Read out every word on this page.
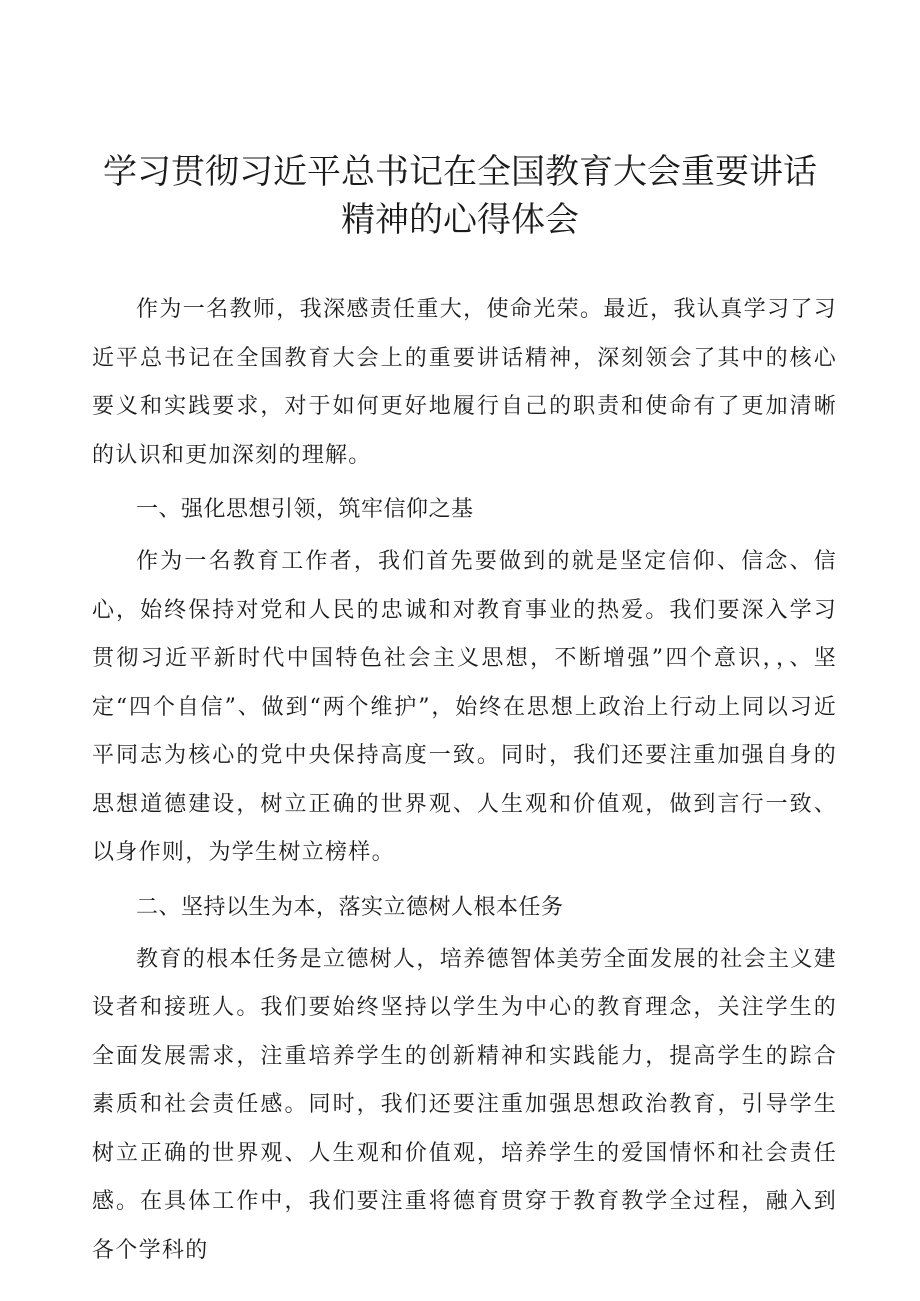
学习贯彻习近平总书记在全国教育大会重要讲话
精神的心得体会

作为一名教师，我深感责任重大，使命光荣。最近，我认真学习了习近平总书记在全国教育大会上的重要讲话精神，深刻领会了其中的核心要义和实践要求，对于如何更好地履行自己的职责和使命有了更加清晰的认识和更加深刻的理解。

一、强化思想引领，筑牢信仰之基

作为一名教育工作者，我们首先要做到的就是坚定信仰、信念、信心，始终保持对党和人民的忠诚和对教育事业的热爱。我们要深入学习贯彻习近平新时代中国特色社会主义思想，不断增强”四个意识，，、坚定“四个自信”、做到“两个维护”，始终在思想上政治上行动上同以习近平同志为核心的党中央保持高度一致。同时，我们还要注重加强自身的思想道德建设，树立正确的世界观、人生观和价值观，做到言行一致、以身作则，为学生树立榜样。

二、坚持以生为本，落实立德树人根本任务

教育的根本任务是立德树人，培养德智体美劳全面发展的社会主义建设者和接班人。我们要始终坚持以学生为中心的教育理念，关注学生的全面发展需求，注重培养学生的创新精神和实践能力，提高学生的踪合素质和社会责任感。同时，我们还要注重加强思想政治教育，引导学生树立正确的世界观、人生观和价值观，培养学生的爱国情怀和社会责任感。在具体工作中，我们要注重将德育贯穿于教育教学全过程，融入到各个学科的
